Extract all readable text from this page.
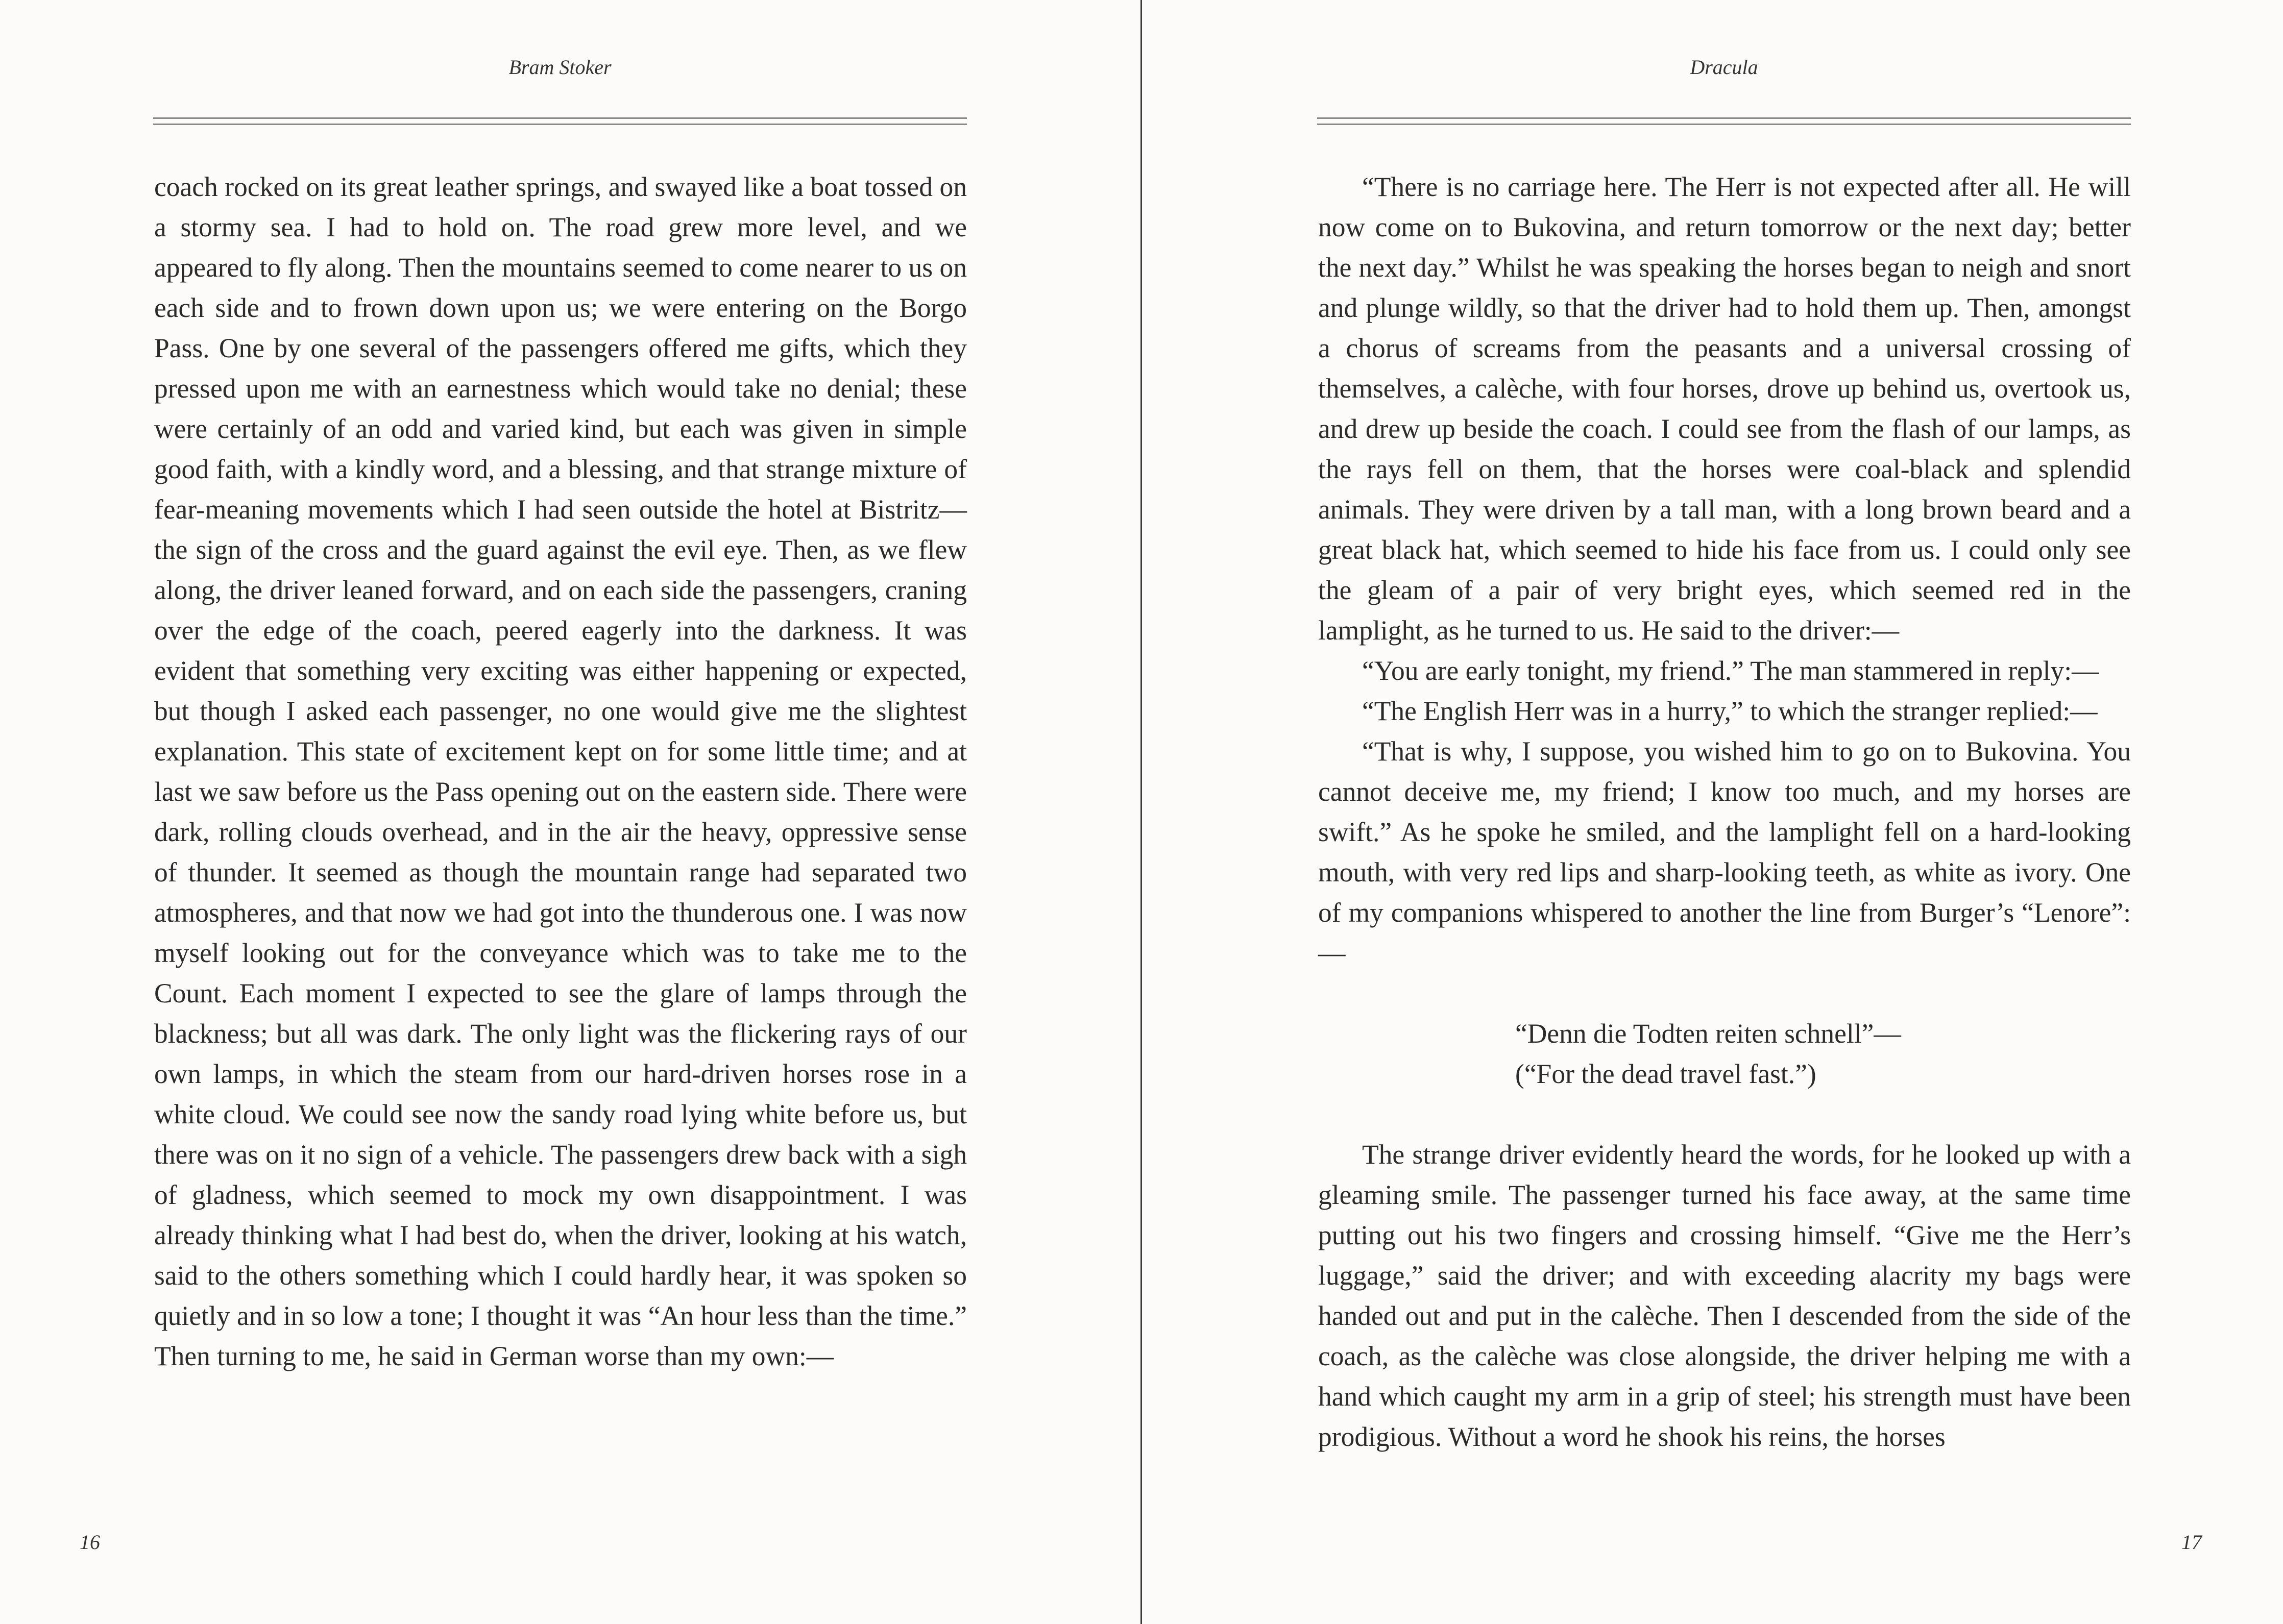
Bram Stoker

coach rocked on its great leather springs, and swayed like a boat tossed on a stormy sea. I had to hold on. The road grew more level, and we appeared to fly along. Then the mountains seemed to come nearer to us on each side and to frown down upon us; we were entering on the Borgo Pass. One by one several of the passengers offered me gifts, which they pressed upon me with an earnestness which would take no denial; these were certainly of an odd and varied kind, but each was given in simple good faith, with a kindly word, and a blessing, and that strange mixture of fear-meaning movements which I had seen outside the hotel at Bistritz—the sign of the cross and the guard against the evil eye. Then, as we flew along, the driver leaned forward, and on each side the passengers, craning over the edge of the coach, peered eagerly into the darkness. It was evident that something very exciting was either happening or expected, but though I asked each passenger, no one would give me the slightest explanation. This state of excitement kept on for some little time; and at last we saw before us the Pass opening out on the eastern side. There were dark, rolling clouds overhead, and in the air the heavy, oppressive sense of thunder. It seemed as though the mountain range had separated two atmospheres, and that now we had got into the thunderous one. I was now myself looking out for the conveyance which was to take me to the Count. Each moment I expected to see the glare of lamps through the blackness; but all was dark. The only light was the flickering rays of our own lamps, in which the steam from our hard-driven horses rose in a white cloud. We could see now the sandy road lying white before us, but there was on it no sign of a vehicle. The passengers drew back with a sigh of gladness, which seemed to mock my own disappointment. I was already thinking what I had best do, when the driver, looking at his watch, said to the others something which I could hardly hear, it was spoken so quietly and in so low a tone; I thought it was “An hour less than the time.” Then turning to me, he said in German worse than my own:—

16
Dracula

“There is no carriage here. The Herr is not expected after all. He will now come on to Bukovina, and return tomorrow or the next day; better the next day.” Whilst he was speaking the horses began to neigh and snort and plunge wildly, so that the driver had to hold them up. Then, amongst a chorus of screams from the peasants and a universal crossing of themselves, a calèche, with four horses, drove up behind us, overtook us, and drew up beside the coach. I could see from the flash of our lamps, as the rays fell on them, that the horses were coal-black and splendid animals. They were driven by a tall man, with a long brown beard and a great black hat, which seemed to hide his face from us. I could only see the gleam of a pair of very bright eyes, which seemed red in the lamplight, as he turned to us. He said to the driver:—

“You are early tonight, my friend.” The man stammered in reply:—

“The English Herr was in a hurry,” to which the stranger replied:—

“That is why, I suppose, you wished him to go on to Bukovina. You cannot deceive me, my friend; I know too much, and my horses are swift.” As he spoke he smiled, and the lamplight fell on a hard-looking mouth, with very red lips and sharp-looking teeth, as white as ivory. One of my companions whispered to another the line from Burger’s “Lenore”:—

“Denn die Todten reiten schnell”—
(“For the dead travel fast.”)

The strange driver evidently heard the words, for he looked up with a gleaming smile. The passenger turned his face away, at the same time putting out his two fingers and crossing himself. “Give me the Herr’s luggage,” said the driver; and with exceeding alacrity my bags were handed out and put in the calèche. Then I descended from the side of the coach, as the calèche was close alongside, the driver helping me with a hand which caught my arm in a grip of steel; his strength must have been prodigious. Without a word he shook his reins, the horses

17
